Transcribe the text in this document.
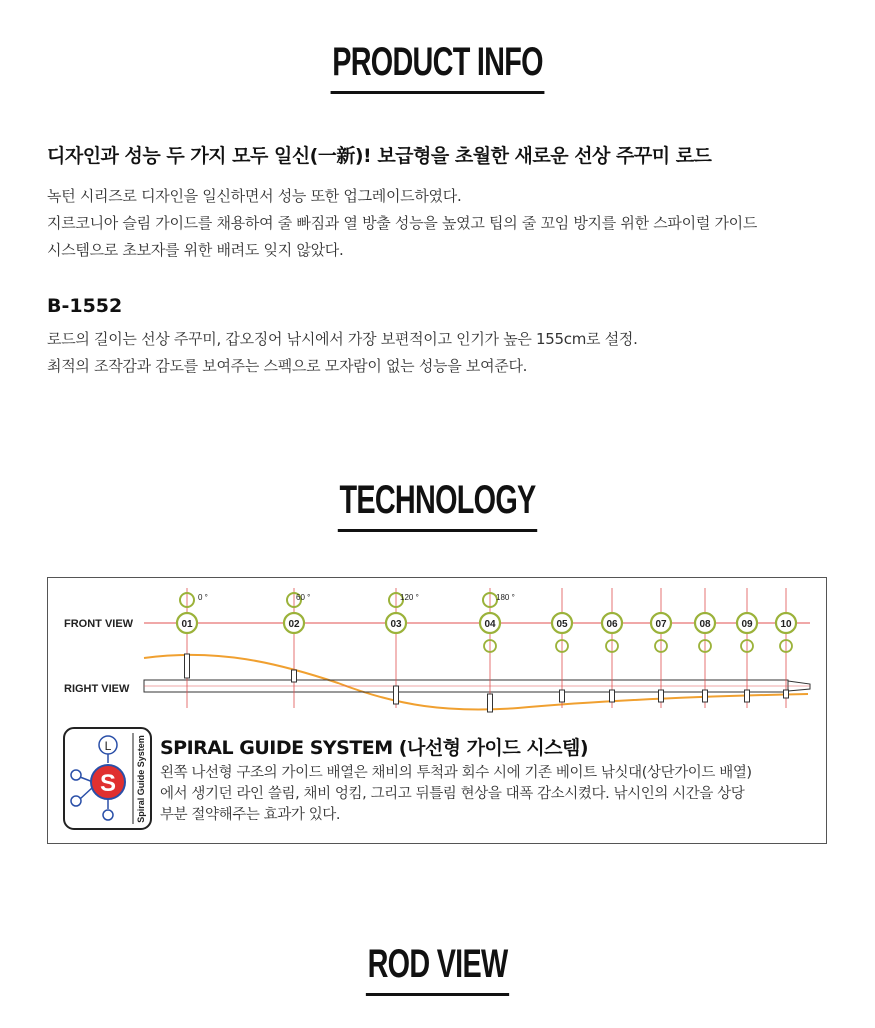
PRODUCT INFO
디자인과 성능 두 가지 모두 일신(一新)! 보급형을 초월한 새로운 선상 주꾸미 로드
녹턴 시리즈로 디자인을 일신하면서 성능 또한 업그레이드하였다.
지르코니아 슬림 가이드를 채용하여 줄 빠짐과 열 방출 성능을 높였고 팁의 줄 꼬임 방지를 위한 스파이럴 가이드
시스템으로 초보자를 위한 배려도 잊지 않았다.
B-1552
로드의 길이는 선상 주꾸미, 갑오징어 낚시에서 가장 보편적이고 인기가 높은 155cm로 설정.
최적의 조작감과 감도를 보여주는 스펙으로 모자람이 없는 성능을 보여준다.
TECHNOLOGY
FRONT VIEW
RIGHT VIEW
01	02	03	04	05	06	07	08	09	10
0 °	60 °	120 °	180 °
L
S Spiral Guide System SPIRAL GUIDE SYSTEM (나선형 가이드 시스템)
왼쪽 나선형 구조의 가이드 배열은 채비의 투척과 회수 시에 기존 베이트 낚싯대(상단가이드 배열)
에서 생기던 라인 쓸림, 채비 엉킴, 그리고 뒤틀림 현상을 대폭 감소시켰다. 낚시인의 시간을 상당
부분 절약해주는 효과가 있다.
ROD VIEW
